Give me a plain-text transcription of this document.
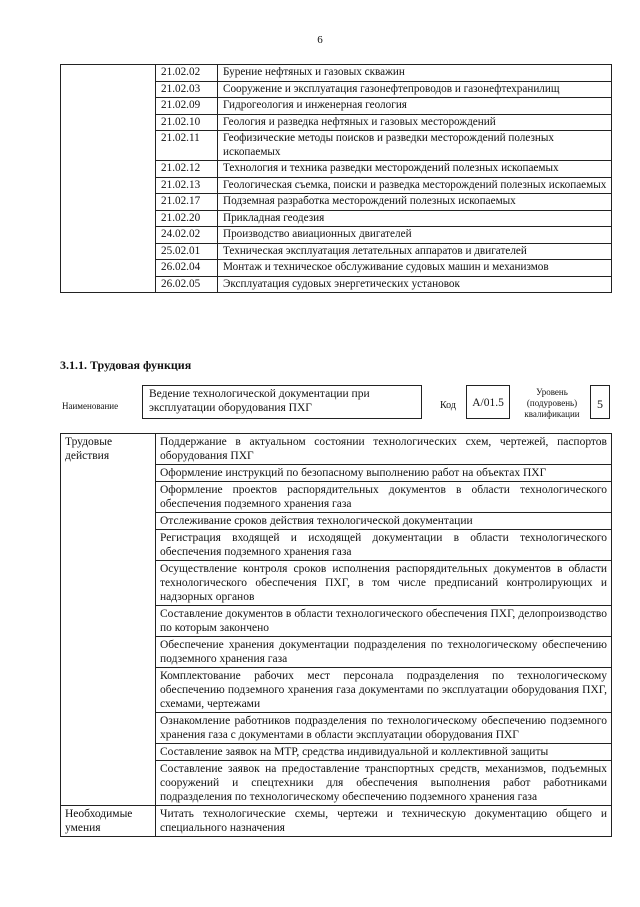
6
	21.02.02	Бурение нефтяных и газовых скважин
	21.02.03	Сооружение и эксплуатация газонефтепроводов и газонефтехранилищ
	21.02.09	Гидрогеология и инженерная геология
	21.02.10	Геология и разведка нефтяных и газовых месторождений
	21.02.11	Геофизические методы поисков и разведки месторождений полезных ископаемых
	21.02.12	Технология и техника разведки месторождений полезных ископаемых
	21.02.13	Геологическая съемка, поиски и разведка месторождений полезных ископаемых
	21.02.17	Подземная разработка месторождений полезных ископаемых
	21.02.20	Прикладная геодезия
	24.02.02	Производство авиационных двигателей
	25.02.01	Техническая эксплуатация летательных аппаратов и двигателей
	26.02.04	Монтаж и техническое обслуживание судовых машин и механизмов
	26.02.05	Эксплуатация судовых энергетических установок
3.1.1. Трудовая функция
Наименование
Ведение технологической документации при эксплуатации оборудования ПХГ	Код	А/01.5
Уровень (подуровень) квалификации
5
Трудовые действия	Поддержание в актуальном состоянии технологических схем, чертежей, паспортов оборудования ПХГ
	Оформление инструкций по безопасному выполнению работ на объектах ПХГ
	Оформление проектов распорядительных документов в области технологического обеспечения подземного хранения газа
	Отслеживание сроков действия технологической документации
	Регистрация входящей и исходящей документации в области технологического обеспечения подземного хранения газа
	Осуществление контроля сроков исполнения распорядительных документов в области технологического обеспечения ПХГ, в том числе предписаний контролирующих и надзорных органов
	Составление документов в области технологического обеспечения ПХГ, делопроизводство по которым закончено
	Обеспечение хранения документации подразделения по технологическому обеспечению подземного хранения газа
	Комплектование рабочих мест персонала подразделения по технологическому обеспечению подземного хранения газа документами по эксплуатации оборудования ПХГ, схемами, чертежами
	Ознакомление работников подразделения по технологическому обеспечению подземного хранения газа с документами в области эксплуатации оборудования ПХГ
	Составление заявок на МТР, средства индивидуальной и коллективной защиты
	Составление заявок на предоставление транспортных средств, механизмов, подъемных сооружений и спецтехники для обеспечения выполнения работ работниками подразделения по технологическому обеспечению подземного хранения газа
Необходимые умения	Читать технологические схемы, чертежи и техническую документацию общего и специального назначения
